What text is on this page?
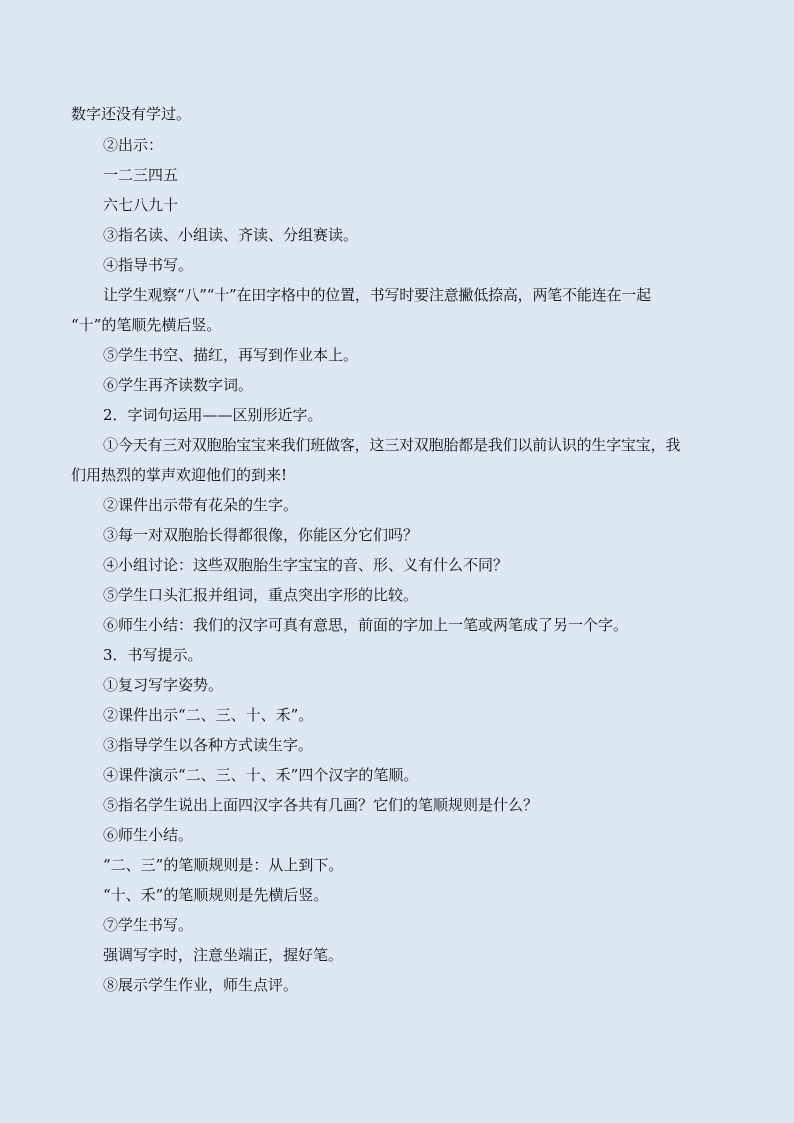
数字还没有学过。
②出示：
一二三四五
六七八九十
③指名读、小组读、齐读、分组赛读。
④指导书写。
让学生观察“八”“十”在田字格中的位置，书写时要注意撇低捺高，两笔不能连在一起
“十”的笔顺先横后竖。
⑤学生书空、描红，再写到作业本上。
⑥学生再齐读数字词。
2．字词句运用——区别形近字。
①今天有三对双胞胎宝宝来我们班做客，这三对双胞胎都是我们以前认识的生字宝宝，我
们用热烈的掌声欢迎他们的到来!
②课件出示带有花朵的生字。
③每一对双胞胎长得都很像，你能区分它们吗？
④小组讨论：这些双胞胎生字宝宝的音、形、义有什么不同？
⑤学生口头汇报并组词，重点突出字形的比较。
⑥师生小结：我们的汉字可真有意思，前面的字加上一笔或两笔成了另一个字。
3．书写提示。
①复习写字姿势。
②课件出示“二、三、十、禾”。
③指导学生以各种方式读生字。
④课件演示“二、三、十、禾”四个汉字的笔顺。
⑤指名学生说出上面四汉字各共有几画？它们的笔顺规则是什么？
⑥师生小结。
“二、三”的笔顺规则是：从上到下。
“十、禾”的笔顺规则是先横后竖。
⑦学生书写。
强调写字时，注意坐端正，握好笔。
⑧展示学生作业，师生点评。
